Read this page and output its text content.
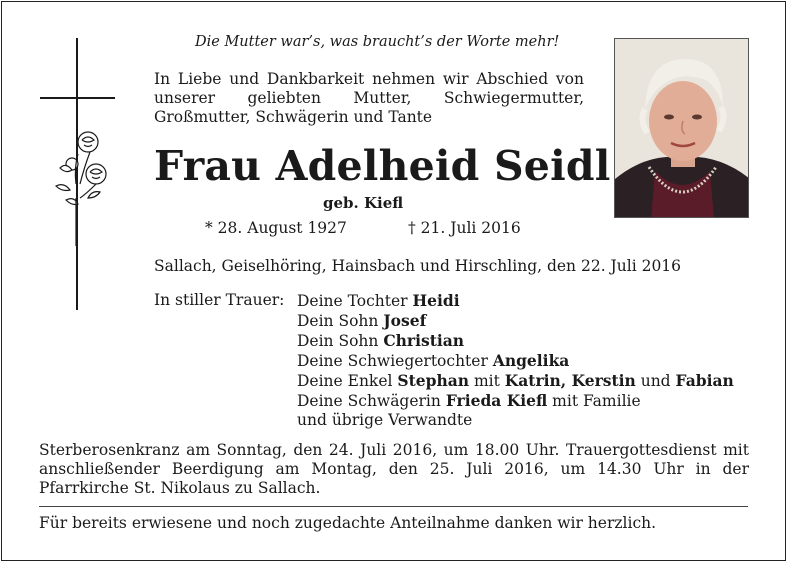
Die Mutter war’s, was braucht’s der Worte mehr!
In Liebe und Dankbarkeit nehmen wir Abschied von unserer geliebten Mutter, Schwiegermutter, Großmutter, Schwägerin und Tante
Frau Adelheid Seidl
geb. Kiefl
* 28. August 1927	† 21. Juli 2016
Sallach, Geiselhöring, Hainsbach und Hirschling, den 22. Juli 2016
In stiller Trauer: Deine Tochter Heidi
Dein Sohn Josef
Dein Sohn Christian
Deine Schwiegertochter Angelika
Deine Enkel Stephan mit Katrin, Kerstin und Fabian
Deine Schwägerin Frieda Kiefl mit Familie
und übrige Verwandte
Sterberosenkranz am Sonntag, den 24. Juli 2016, um 18.00 Uhr. Trauergottesdienst mit anschließender Beerdigung am Montag, den 25. Juli 2016, um 14.30 Uhr in der Pfarrkirche St. Nikolaus zu Sallach.
Für bereits erwiesene und noch zugedachte Anteilnahme danken wir herzlich.
